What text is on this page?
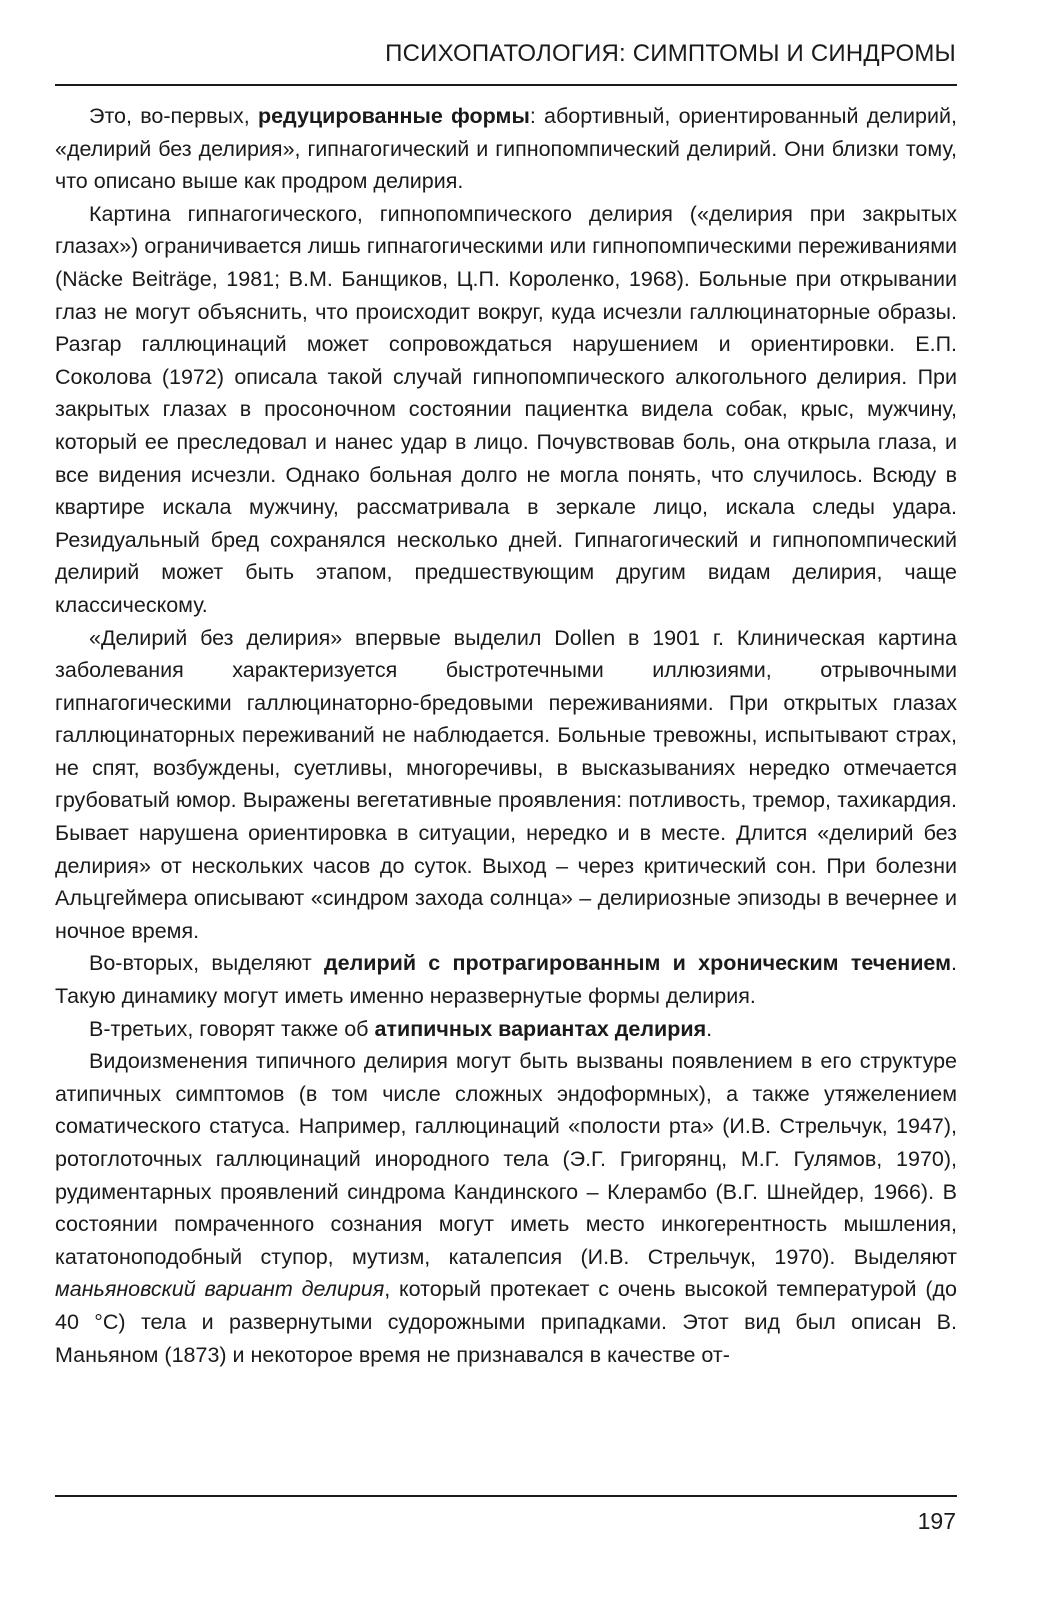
ПСИХОПАТОЛОГИЯ: СИМПТОМЫ И СИНДРОМЫ

Это, во-первых, редуцированные формы: абортивный, ориентированный делирий, «делирий без делирия», гипнагогический и гипнопомпический делирий. Они близки тому, что описано выше как продром делирия.

Картина гипнагогического, гипнопомпического делирия («делирия при закрытых глазах») ограничивается лишь гипнагогическими или гипнопомпическими переживаниями (Näcke Beiträge, 1981; В.М. Банщиков, Ц.П. Короленко, 1968). Больные при открывании глаз не могут объяснить, что происходит вокруг, куда исчезли галлюцинаторные образы. Разгар галлюцинаций может сопровождаться нарушением и ориентировки. Е.П. Соколова (1972) описала такой случай гипнопомпического алкогольного делирия. При закрытых глазах в просоночном состоянии пациентка видела собак, крыс, мужчину, который ее преследовал и нанес удар в лицо. Почувствовав боль, она открыла глаза, и все видения исчезли. Однако больная долго не могла понять, что случилось. Всюду в квартире искала мужчину, рассматривала в зеркале лицо, искала следы удара. Резидуальный бред сохранялся несколько дней. Гипнагогический и гипнопомпический делирий может быть этапом, предшествующим другим видам делирия, чаще классическому.

«Делирий без делирия» впервые выделил Dollen в 1901 г. Клиническая картина заболевания характеризуется быстротечными иллюзиями, отрывочными гипнагогическими галлюцинаторно-бредовыми переживаниями. При открытых глазах галлюцинаторных переживаний не наблюдается. Больные тревожны, испытывают страх, не спят, возбуждены, суетливы, многоречивы, в высказываниях нередко отмечается грубоватый юмор. Выражены вегетативные проявления: потливость, тремор, тахикардия. Бывает нарушена ориентировка в ситуации, нередко и в месте. Длится «делирий без делирия» от нескольких часов до суток. Выход – через критический сон. При болезни Альцгеймера описывают «синдром захода солнца» – делириозные эпизоды в вечернее и ночное время.

Во-вторых, выделяют делирий с протрагированным и хроническим течением. Такую динамику могут иметь именно неразвернутые формы делирия.

В-третьих, говорят также об атипичных вариантах делирия.

Видоизменения типичного делирия могут быть вызваны появлением в его структуре атипичных симптомов (в том числе сложных эндоформных), а также утяжелением соматического статуса. Например, галлюцинаций «полости рта» (И.В. Стрельчук, 1947), ротоглоточных галлюцинаций инородного тела (Э.Г. Григорянц, М.Г. Гулямов, 1970), рудиментарных проявлений синдрома Кандинского – Клерамбо (В.Г. Шнейдер, 1966). В состоянии помраченного сознания могут иметь место инкогерентность мышления, кататоноподобный ступор, мутизм, каталепсия (И.В. Стрельчук, 1970). Выделяют маньяновский вариант делирия, который протекает с очень высокой температурой (до 40 °C) тела и развернутыми судорожными припадками. Этот вид был описан В. Маньяном (1873) и некоторое время не признавался в качестве от-

197
